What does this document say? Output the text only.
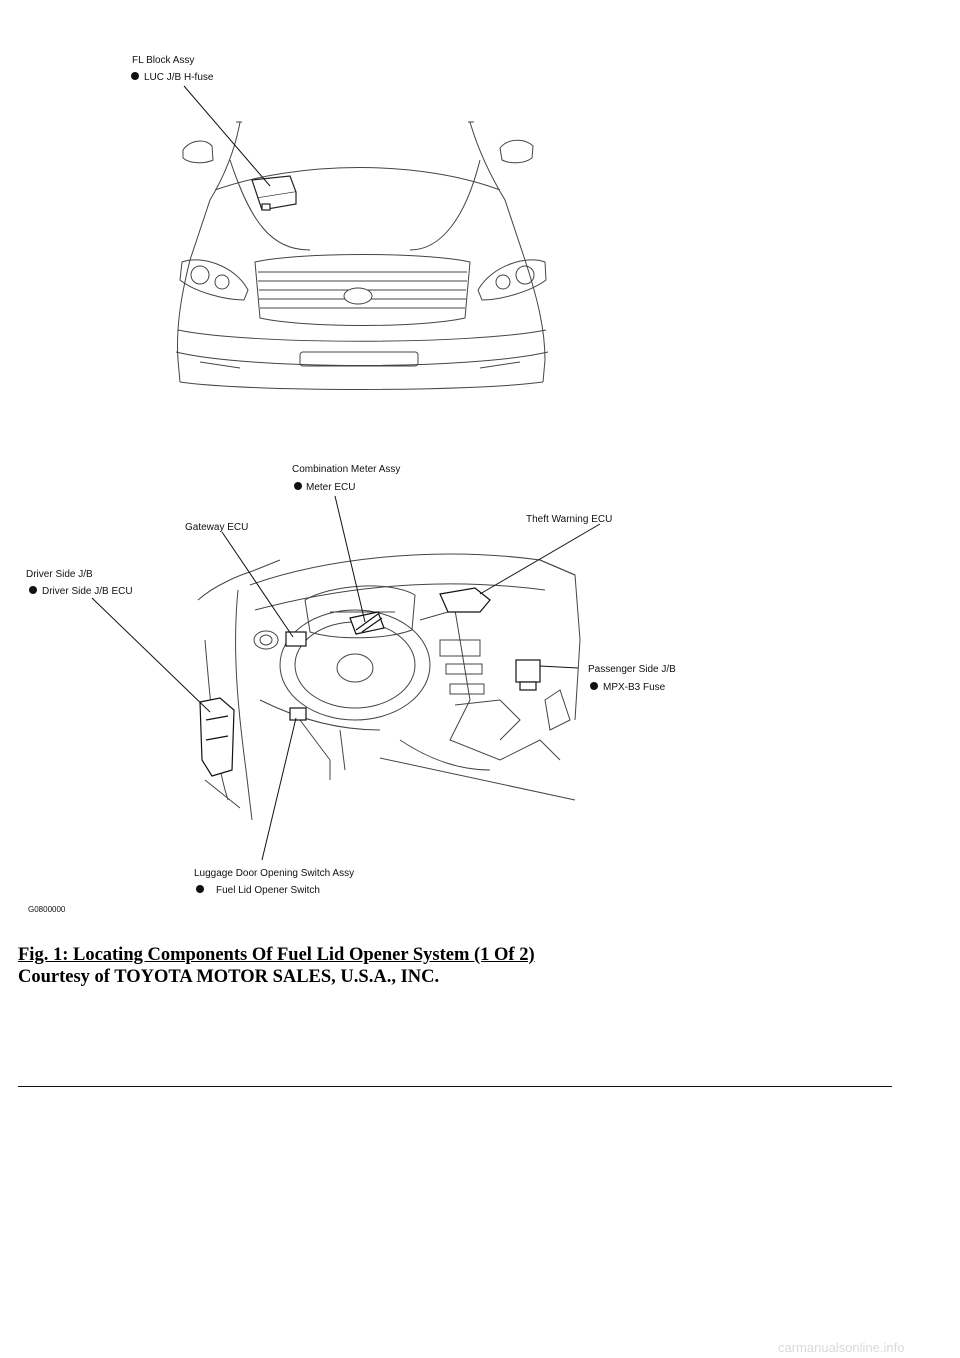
FL Block Assy
LUC J/B H-fuse
Combination Meter Assy
Meter ECU
Gateway ECU
Theft Warning ECU
Driver Side J/B
Driver Side J/B ECU
Passenger Side J/B
MPX-B3 Fuse
Luggage Door Opening Switch Assy
Fuel Lid Opener Switch
G0800000
Fig. 1: Locating Components Of Fuel Lid Opener System (1 Of 2)
Courtesy of TOYOTA MOTOR SALES, U.S.A., INC.
carmanualsonline.info
